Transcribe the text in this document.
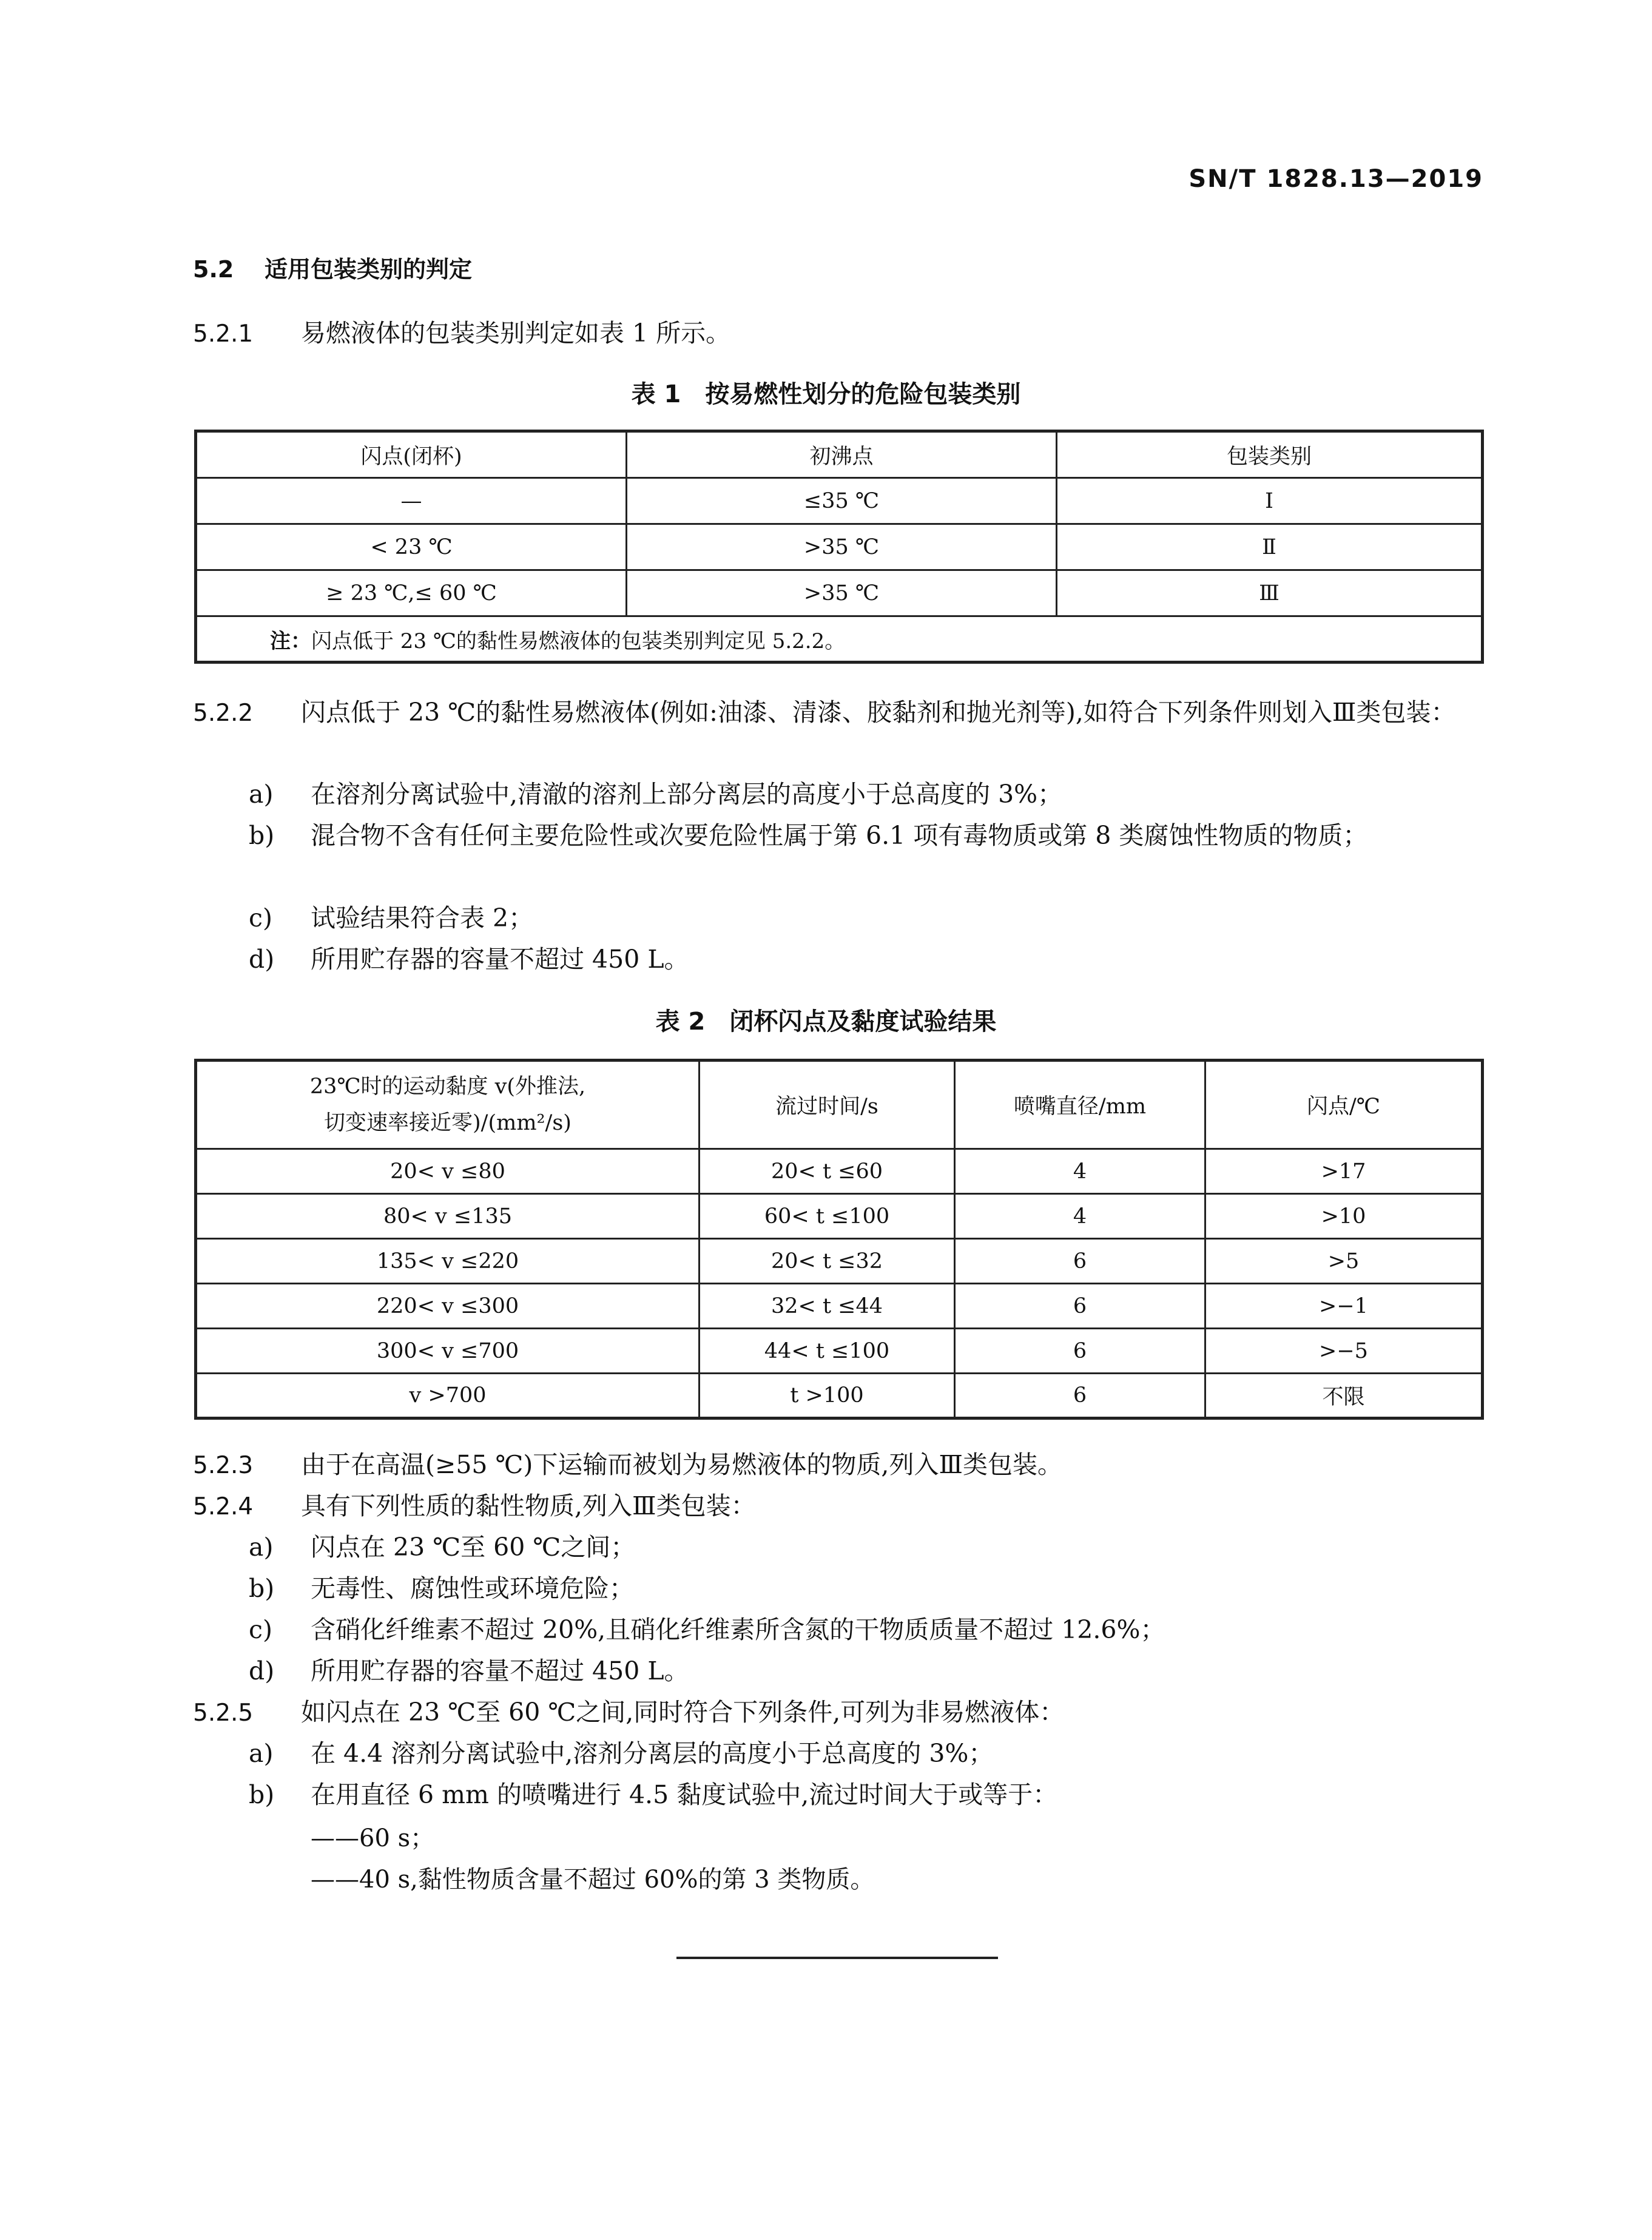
SN/T 1828.13—2019
5.2 适用包装类别的判定
5.2.1 易燃液体的包装类别判定如表 1 所示。
表 1　按易燃性划分的危险包装类别
闪点(闭杯)	初沸点	包装类别
—	≤35 ℃	I
< 23 ℃	>35 ℃	Ⅱ
≥ 23 ℃,≤ 60 ℃	>35 ℃	Ⅲ
注：闪点低于 23 ℃的黏性易燃液体的包装类别判定见 5.2.2。		
5.2.2 闪点低于 23 ℃的黏性易燃液体(例如:油漆、清漆、胶黏剂和抛光剂等),如符合下列条件则划入Ⅲ类包装：
a) 在溶剂分离试验中,清澈的溶剂上部分离层的高度小于总高度的 3%；
b) 混合物不含有任何主要危险性或次要危险性属于第 6.1 项有毒物质或第 8 类腐蚀性物质的物质；
c) 试验结果符合表 2；
d) 所用贮存器的容量不超过 450 L。
表 2　闭杯闪点及黏度试验结果
23℃时的运动黏度 v(外推法,
切变速率接近零)/(mm²/s)	流过时间/s	喷嘴直径/mm	闪点/℃
20< v ≤80	20< t ≤60	4	>17
80< v ≤135	60< t ≤100	4	>10
135< v ≤220	20< t ≤32	6	>5
220< v ≤300	32< t ≤44	6	>−1
300< v ≤700	44< t ≤100	6	>−5
v >700	t >100	6	不限
5.2.3 由于在高温(≥55 ℃)下运输而被划为易燃液体的物质,列入Ⅲ类包装。
5.2.4 具有下列性质的黏性物质,列入Ⅲ类包装：
a) 闪点在 23 ℃至 60 ℃之间；
b) 无毒性、腐蚀性或环境危险；
c) 含硝化纤维素不超过 20%,且硝化纤维素所含氮的干物质质量不超过 12.6%；
d) 所用贮存器的容量不超过 450 L。
5.2.5 如闪点在 23 ℃至 60 ℃之间,同时符合下列条件,可列为非易燃液体：
a) 在 4.4 溶剂分离试验中,溶剂分离层的高度小于总高度的 3%；
b) 在用直径 6 mm 的喷嘴进行 4.5 黏度试验中,流过时间大于或等于：
——60 s；
——40 s,黏性物质含量不超过 60%的第 3 类物质。
